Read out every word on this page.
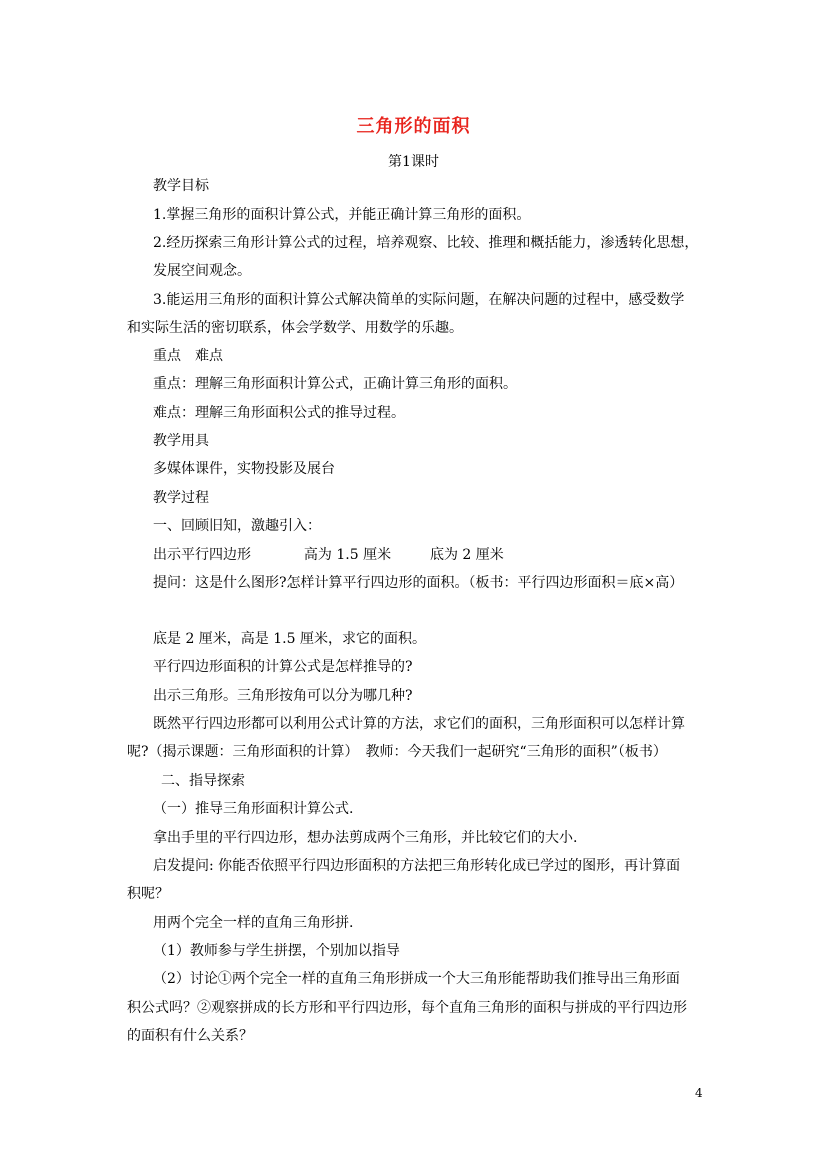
三角形的面积
第1课时
教学目标
1.掌握三角形的面积计算公式，并能正确计算三角形的面积。
2.经历探索三角形计算公式的过程，培养观察、比较、推理和概括能力，渗透转化思想，
发展空间观念。
3.能运用三角形的面积计算公式解决简单的实际问题，在解决问题的过程中，感受数学
和实际生活的密切联系，体会学数学、用数学的乐趣。
重点　难点
重点：理解三角形面积计算公式，正确计算三角形的面积。
难点：理解三角形面积公式的推导过程。
教学用具
多媒体课件，实物投影及展台
教学过程
一、回顾旧知，激趣引入：
出示平行四边形	高为 1.5 厘米	底为 2 厘米
提问：这是什么图形?怎样计算平行四边形的面积。（板书：平行四边形面积＝底×高）
底是 2 厘米，高是 1.5 厘米，求它的面积。
平行四边形面积的计算公式是怎样推导的?
出示三角形。三角形按角可以分为哪几种?
既然平行四边形都可以利用公式计算的方法，求它们的面积，三角形面积可以怎样计算
呢?（揭示课题：三角形面积的计算）　教师：今天我们一起研究“三角形的面积”（板书）
二、指导探索
（一）推导三角形面积计算公式.
拿出手里的平行四边形，想办法剪成两个三角形，并比较它们的大小.
启发提问: 你能否依照平行四边形面积的方法把三角形转化成已学过的图形，再计算面
积呢？
用两个完全一样的直角三角形拼.
（1）教师参与学生拼摆，个别加以指导
（2）讨论①两个完全一样的直角三角形拼成一个大三角形能帮助我们推导出三角形面
积公式吗？②观察拼成的长方形和平行四边形，每个直角三角形的面积与拼成的平行四边形
的面积有什么关系？
4
